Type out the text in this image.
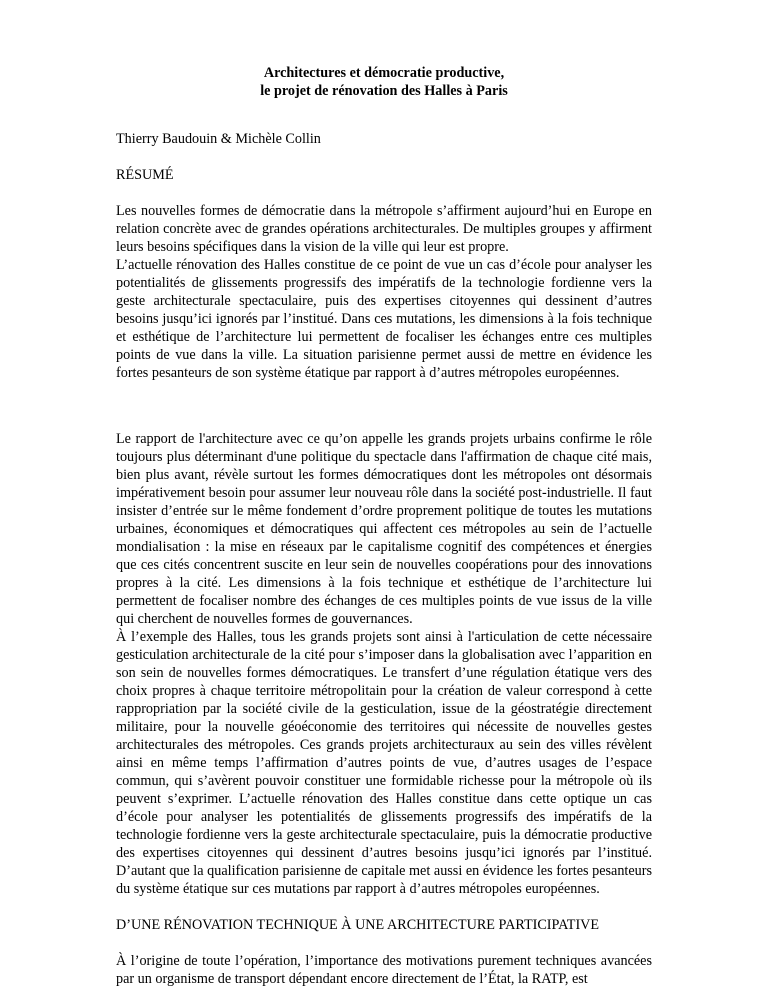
Architectures et démocratie productive,
le projet de rénovation des Halles à Paris

Thierry Baudouin & Michèle Collin

RÉSUMÉ

Les nouvelles formes de démocratie dans la métropole s’affirment aujourd’hui en Europe en relation concrète avec de grandes opérations architecturales. De multiples groupes y affirment leurs besoins spécifiques dans la vision de la ville qui leur est propre.

L’actuelle rénovation des Halles constitue de ce point de vue un cas d’école pour analyser les potentialités de glissements progressifs des impératifs de la technologie fordienne vers la geste architecturale spectaculaire, puis des expertises citoyennes qui dessinent d’autres besoins jusqu’ici ignorés par l’institué. Dans ces mutations, les dimensions à la fois technique et esthétique de l’architecture lui permettent de focaliser les échanges entre ces multiples points de vue dans la ville. La situation parisienne permet aussi de mettre en évidence les fortes pesanteurs de son système étatique par rapport à d’autres métropoles européennes.

Le rapport de l'architecture avec ce qu’on appelle les grands projets urbains confirme le rôle toujours plus déterminant d'une politique du spectacle dans l'affirmation de chaque cité mais, bien plus avant, révèle surtout les formes démocratiques dont les métropoles ont désormais impérativement besoin pour assumer leur nouveau rôle dans la société post-industrielle. Il faut insister d’entrée sur le même fondement d’ordre proprement politique de toutes les mutations urbaines, économiques et démocratiques qui affectent ces métropoles au sein de l’actuelle mondialisation : la mise en réseaux par le capitalisme cognitif des compétences et énergies que ces cités concentrent suscite en leur sein de nouvelles coopérations pour des innovations propres à la cité. Les dimensions à la fois technique et esthétique de l’architecture lui permettent de focaliser nombre des échanges de ces multiples points de vue issus de la ville qui cherchent de nouvelles formes de gouvernances.

À l’exemple des Halles, tous les grands projets sont ainsi à l'articulation de cette nécessaire gesticulation architecturale de la cité pour s’imposer dans la globalisation avec l’apparition en son sein de nouvelles formes démocratiques. Le transfert d’une régulation étatique vers des choix propres à chaque territoire métropolitain pour la création de valeur correspond à cette rappropriation par la société civile de la gesticulation, issue de la géostratégie directement militaire, pour la nouvelle géoéconomie des territoires qui nécessite de nouvelles gestes architecturales des métropoles. Ces grands projets architecturaux au sein des villes révèlent ainsi en même temps l’affirmation d’autres points de vue, d’autres usages de l’espace commun, qui s’avèrent pouvoir constituer une formidable richesse pour la métropole où ils peuvent s’exprimer. L’actuelle rénovation des Halles constitue dans cette optique un cas d’école pour analyser les potentialités de glissements progressifs des impératifs de la technologie fordienne vers la geste architecturale spectaculaire, puis la démocratie productive des expertises citoyennes qui dessinent d’autres besoins jusqu’ici ignorés par l’institué. D’autant que la qualification parisienne de capitale met aussi en évidence les fortes pesanteurs du système étatique sur ces mutations par rapport à d’autres métropoles européennes.

D’UNE RÉNOVATION TECHNIQUE À UNE ARCHITECTURE PARTICIPATIVE

À l’origine de toute l’opération, l’importance des motivations purement techniques avancées par un organisme de transport dépendant encore directement de l’État, la RATP, est
